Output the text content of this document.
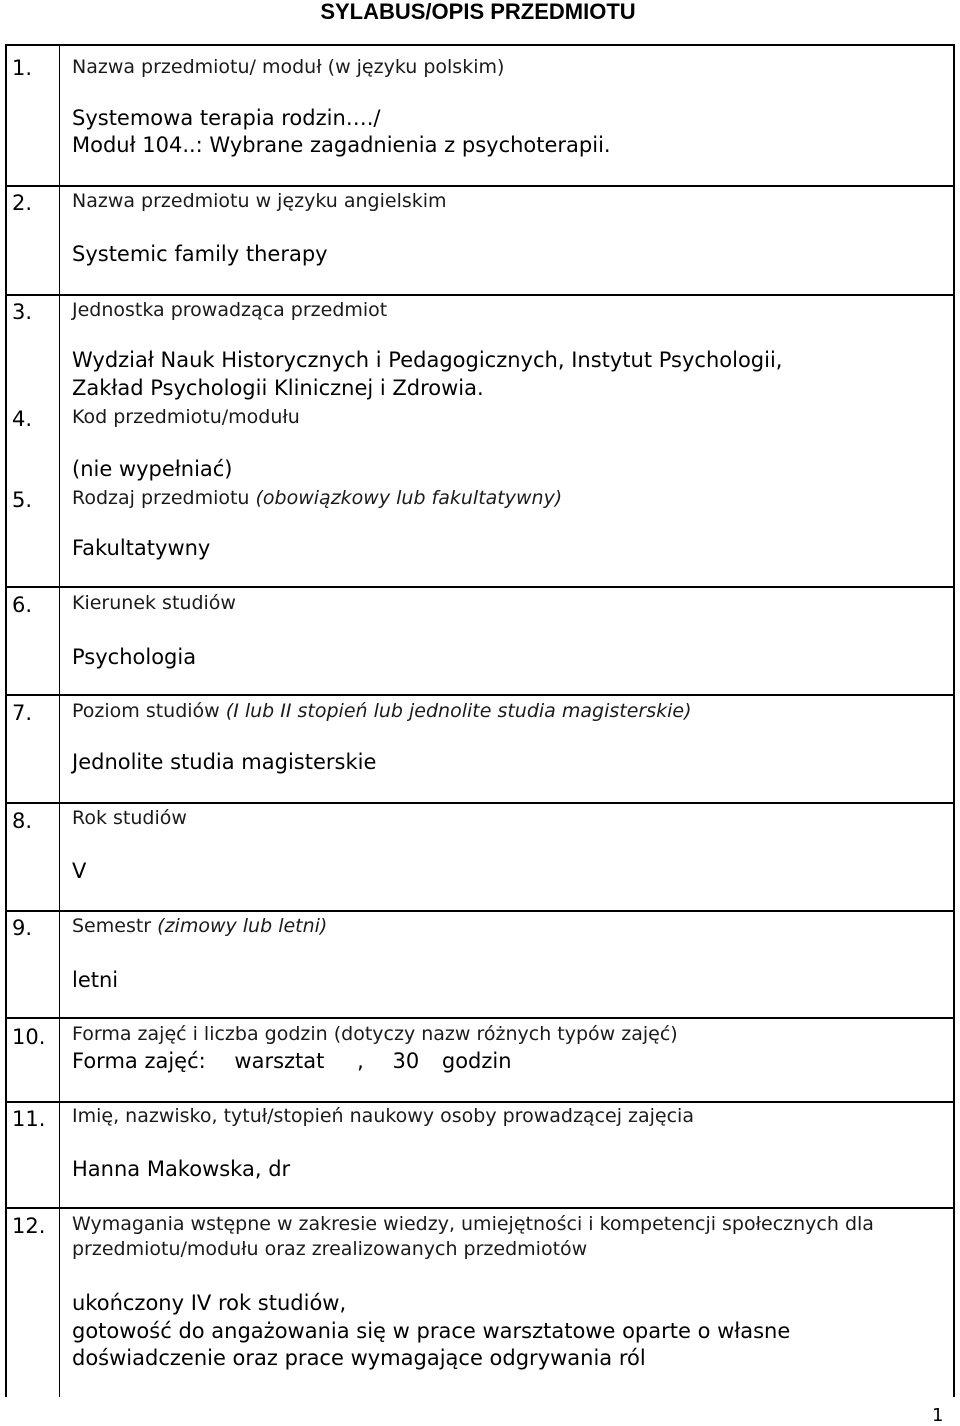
SYLABUS/OPIS PRZEDMIOTU
1. Nazwa przedmiotu/ moduł (w języku polskim)
Systemowa terapia rodzin…./
Moduł 104..: Wybrane zagadnienia z psychoterapii.
2. Nazwa przedmiotu w języku angielskim
Systemic family therapy
3. Jednostka prowadząca przedmiot
Wydział Nauk Historycznych i Pedagogicznych, Instytut Psychologii,
Zakład Psychologii Klinicznej i Zdrowia.
4. Kod przedmiotu/modułu
(nie wypełniać)
5. Rodzaj przedmiotu (obowiązkowy lub fakultatywny)
Fakultatywny
6. Kierunek studiów
Psychologia
7. Poziom studiów (I lub II stopień lub jednolite studia magisterskie)
Jednolite studia magisterskie
8. Rok studiów
V
9. Semestr (zimowy lub letni)
letni
10. Forma zajęć i liczba godzin (dotyczy nazw różnych typów zajęć)
Forma zajęć: warsztat , 30 godzin
11. Imię, nazwisko, tytuł/stopień naukowy osoby prowadzącej zajęcia
Hanna Makowska, dr
12. Wymagania wstępne w zakresie wiedzy, umiejętności i kompetencji społecznych dla
przedmiotu/modułu oraz zrealizowanych przedmiotów
ukończony IV rok studiów,
gotowość do angażowania się w prace warsztatowe oparte o własne
doświadczenie oraz prace wymagające odgrywania ról
1
